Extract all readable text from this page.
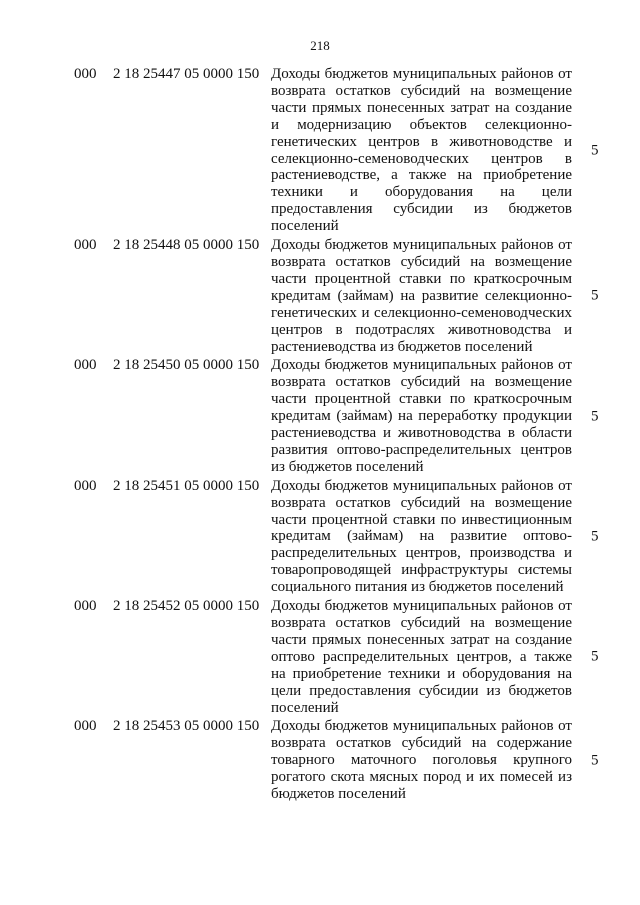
218
000 2 18 25447 05 0000 150 Доходы бюджетов муниципальных районов от возврата остатков субсидий на возмещение части прямых понесенных затрат на создание и модернизацию объектов селекционно-генетических центров в животноводстве и селекционно-семеноводческих центров в растениеводстве, а также на приобретение техники и оборудования на цели предоставления субсидии из бюджетов поселений
5
000 2 18 25448 05 0000 150 Доходы бюджетов муниципальных районов от возврата остатков субсидий на возмещение части процентной ставки по краткосрочным кредитам (займам) на развитие селекционно-генетических и селекционно-семеноводческих центров в подотраслях животноводства и растениеводства из бюджетов поселений
5
000 2 18 25450 05 0000 150 Доходы бюджетов муниципальных районов от возврата остатков субсидий на возмещение части процентной ставки по краткосрочным кредитам (займам) на переработку продукции растениеводства и животноводства в области развития оптово-распределительных центров из бюджетов поселений
5
000 2 18 25451 05 0000 150 Доходы бюджетов муниципальных районов от возврата остатков субсидий на возмещение части процентной ставки по инвестиционным кредитам (займам) на развитие оптово-распределительных центров, производства и товаропроводящей инфраструктуры системы социального питания из бюджетов поселений
5
000 2 18 25452 05 0000 150 Доходы бюджетов муниципальных районов от возврата остатков субсидий на возмещение части прямых понесенных затрат на создание оптово распределительных центров, а также на приобретение техники и оборудования на цели предоставления субсидии из бюджетов поселений
5
000 2 18 25453 05 0000 150 Доходы бюджетов муниципальных районов от возврата остатков субсидий на содержание товарного маточного поголовья крупного рогатого скота мясных пород и их помесей из бюджетов поселений
5
